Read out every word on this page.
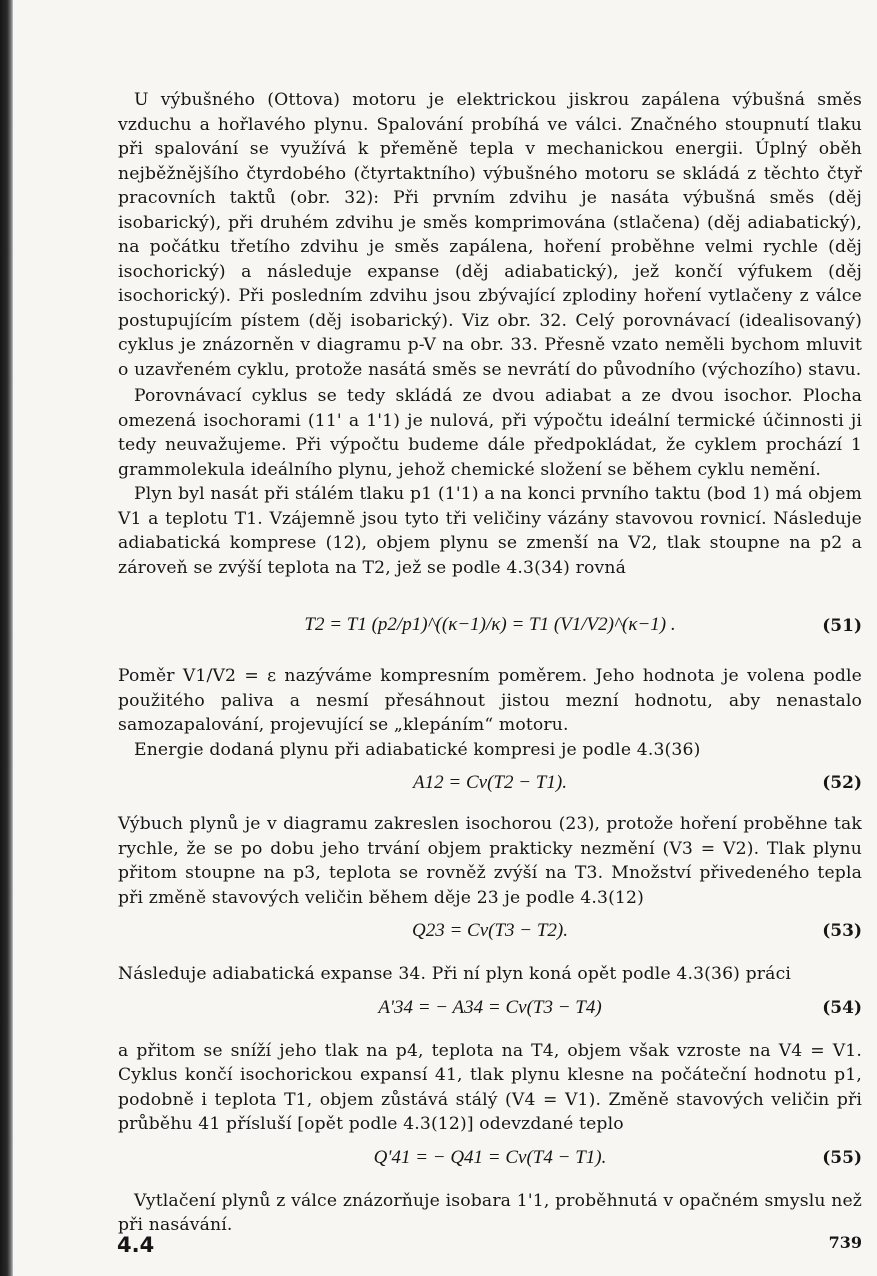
U výbušného (Ottova) motoru je elektrickou jiskrou zapálena výbušná směs vzduchu a hořlavého plynu. Spalování probíhá ve válci. Značného stoupnutí tlaku při spalování se využívá k přeměně tepla v mechanickou energii. Úplný oběh nejběžnějšího čtyrdobého (čtyrtaktního) výbušného motoru se skládá z těchto čtyř pracovních taktů (obr. 32): Při prvním zdvihu je nasáta výbušná směs (děj isobarický), při druhém zdvihu je směs komprimována (stlačena) (děj adiabatický), na počátku třetího zdvihu je směs zapálena, hoření proběhne velmi rychle (děj isochorický) a následuje expanse (děj adiabatický), jež končí výfukem (děj isochorický). Při posledním zdvihu jsou zbývající zplodiny hoření vytlačeny z válce postupujícím pístem (děj isobarický). Viz obr. 32. Celý porovnávací (idealisovaný) cyklus je znázorněn v diagramu p-V na obr. 33. Přesně vzato neměli bychom mluvit o uzavřeném cyklu, protože nasátá směs se nevrátí do původního (výchozího) stavu.

Porovnávací cyklus se tedy skládá ze dvou adiabat a ze dvou isochor. Plocha omezená isochorami (11' a 1'1) je nulová, při výpočtu ideální termické účinnosti ji tedy neuvažujeme. Při výpočtu budeme dále předpokládat, že cyklem prochází 1 grammolekula ideálního plynu, jehož chemické složení se během cyklu nemění.

Plyn byl nasát při stálém tlaku p1 (1'1) a na konci prvního taktu (bod 1) má objem V1 a teplotu T1. Vzájemně jsou tyto tři veličiny vázány stavovou rovnicí. Následuje adiabatická komprese (12), objem plynu se zmenší na V2, tlak stoupne na p2 a zároveň se zvýší teplota na T2, jež se podle 4.3(34) rovná

T2 = T1 (p2/p1)^((κ−1)/κ) = T1 (V1/V2)^(κ−1) .	(51)

Poměr V1/V2 = ε nazýváme kompresním poměrem. Jeho hodnota je volena podle použitého paliva a nesmí přesáhnout jistou mezní hodnotu, aby nenastalo samozapalování, projevující se „klepáním“ motoru.

Energie dodaná plynu při adiabatické kompresi je podle 4.3(36)

A12 = Cv(T2 − T1).	(52)

Výbuch plynů je v diagramu zakreslen isochorou (23), protože hoření proběhne tak rychle, že se po dobu jeho trvání objem prakticky nezmění (V3 = V2). Tlak plynu přitom stoupne na p3, teplota se rovněž zvýší na T3. Množství přivedeného tepla při změně stavových veličin během děje 23 je podle 4.3(12)

Q23 = Cv(T3 − T2).	(53)

Následuje adiabatická expanse 34. Při ní plyn koná opět podle 4.3(36) práci

A'34 = − A34 = Cv(T3 − T4)	(54)

a přitom se sníží jeho tlak na p4, teplota na T4, objem však vzroste na V4 = V1. Cyklus končí isochorickou expansí 41, tlak plynu klesne na počáteční hodnotu p1, podobně i teplota T1, objem zůstává stálý (V4 = V1). Změně stavových veličin při průběhu 41 přísluší [opět podle 4.3(12)] odevzdané teplo

Q'41 = − Q41 = Cv(T4 − T1).	(55)

Vytlačení plynů z válce znázorňuje isobara 1'1, proběhnutá v opačném smyslu než při nasávání.

4.4	739
